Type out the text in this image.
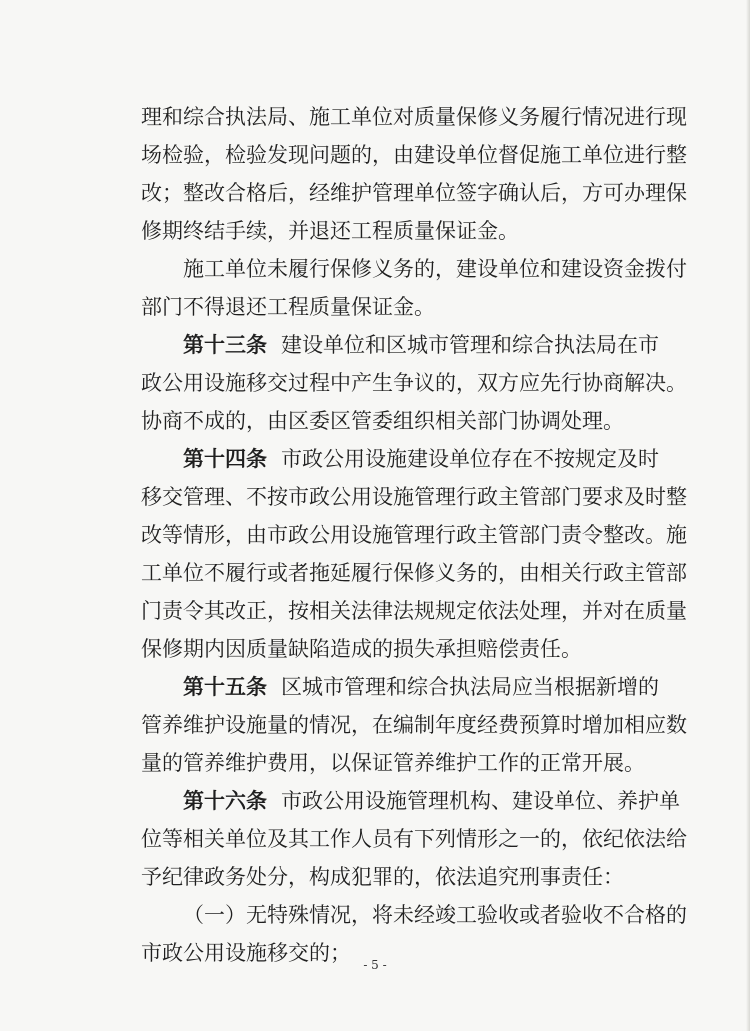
理和综合执法局、施工单位对质量保修义务履行情况进行现
场检验，检验发现问题的，由建设单位督促施工单位进行整
改；整改合格后，经维护管理单位签字确认后，方可办理保
修期终结手续，并退还工程质量保证金。
施工单位未履行保修义务的，建设单位和建设资金拨付
部门不得退还工程质量保证金。
第十三条 建设单位和区城市管理和综合执法局在市
政公用设施移交过程中产生争议的，双方应先行协商解决。
协商不成的，由区委区管委组织相关部门协调处理。
第十四条 市政公用设施建设单位存在不按规定及时
移交管理、不按市政公用设施管理行政主管部门要求及时整
改等情形，由市政公用设施管理行政主管部门责令整改。施
工单位不履行或者拖延履行保修义务的，由相关行政主管部
门责令其改正，按相关法律法规规定依法处理，并对在质量
保修期内因质量缺陷造成的损失承担赔偿责任。
第十五条 区城市管理和综合执法局应当根据新增的
管养维护设施量的情况，在编制年度经费预算时增加相应数
量的管养维护费用，以保证管养维护工作的正常开展。
第十六条 市政公用设施管理机构、建设单位、养护单
位等相关单位及其工作人员有下列情形之一的，依纪依法给
予纪律政务处分，构成犯罪的，依法追究刑事责任：
（一）无特殊情况，将未经竣工验收或者验收不合格的
市政公用设施移交的；	- 5 -
